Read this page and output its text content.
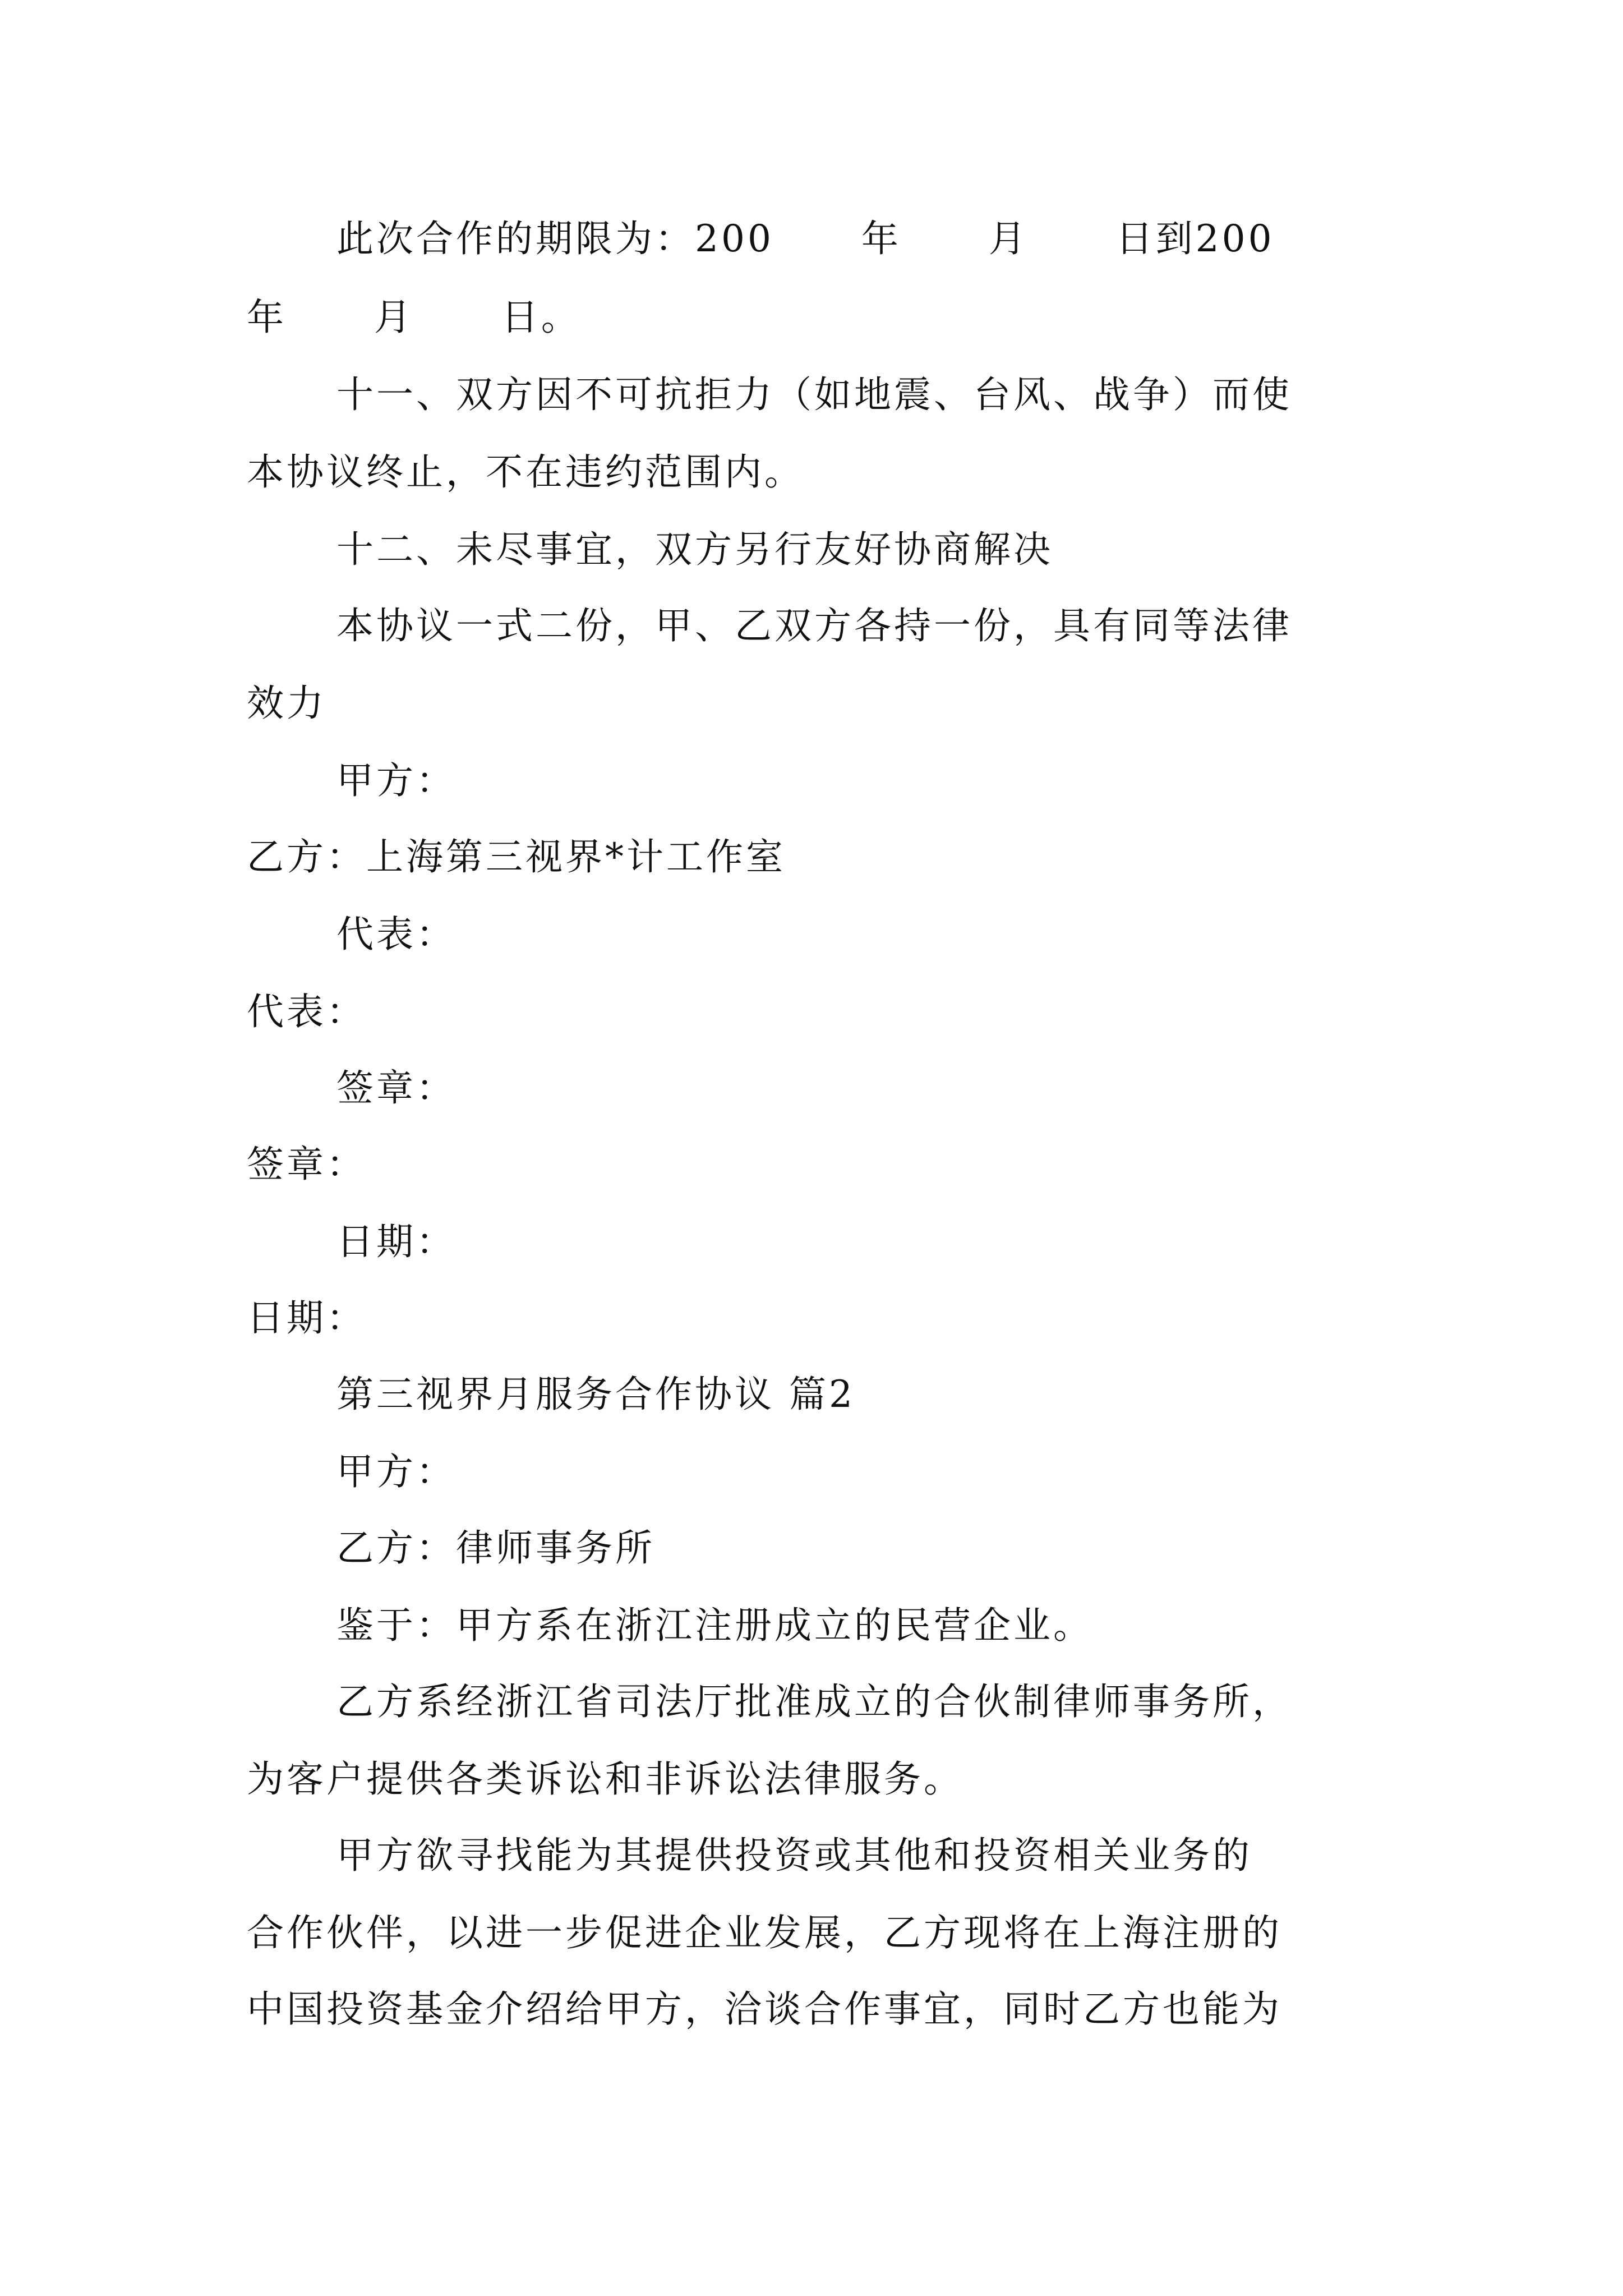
此次合作的期限为：200      年      月      日到200
年      月      日。
十一、双方因不可抗拒力（如地震、台风、战争）而使
本协议终止，不在违约范围内。
十二、未尽事宜，双方另行友好协商解决
本协议一式二份，甲、乙双方各持一份，具有同等法律
效力
甲方：
乙方：上海第三视界*计工作室
代表：
代表：
签章：
签章：
日期：
日期：
第三视界月服务合作协议 篇2
甲方：
乙方：律师事务所
鉴于：甲方系在浙江注册成立的民营企业。
乙方系经浙江省司法厅批准成立的合伙制律师事务所，
为客户提供各类诉讼和非诉讼法律服务。
甲方欲寻找能为其提供投资或其他和投资相关业务的
合作伙伴，以进一步促进企业发展，乙方现将在上海注册的
中国投资基金介绍给甲方，洽谈合作事宜，同时乙方也能为
